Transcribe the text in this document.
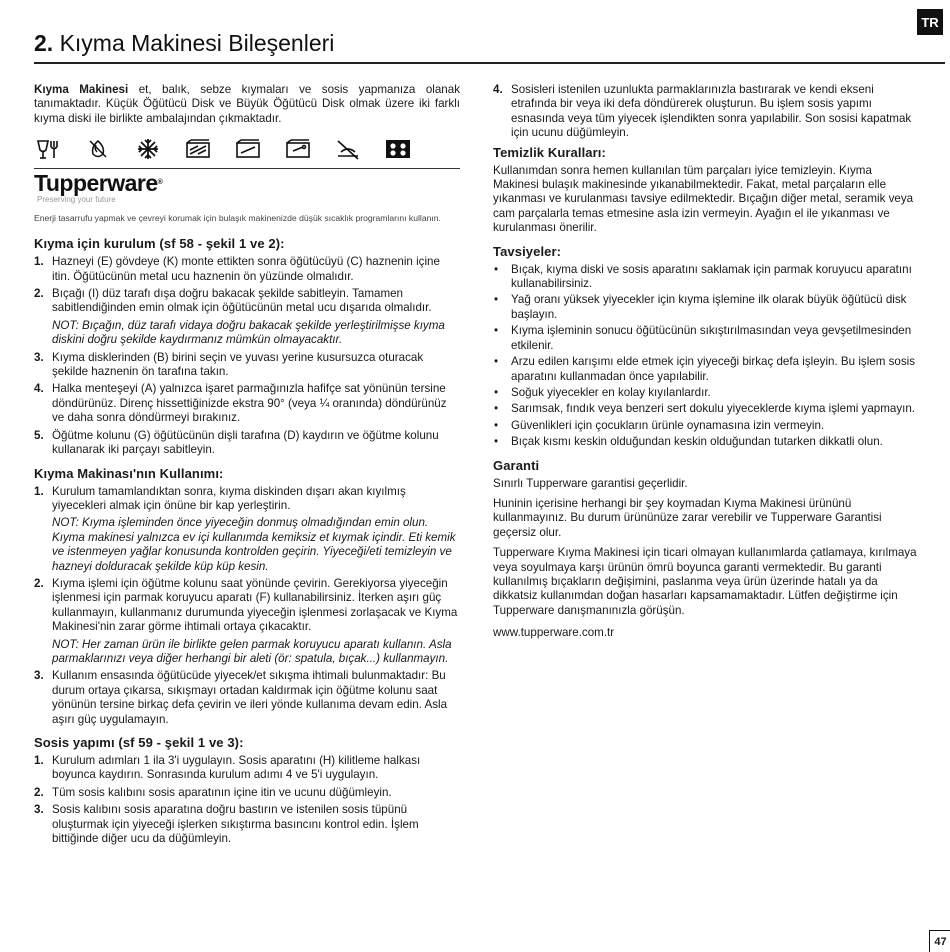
TR
2. Kıyma Makinesi Bileşenleri

Kıyma Makinesi et, balık, sebze kıymaları ve sosis yapmanıza olanak tanımaktadır. Küçük Öğütücü Disk ve Büyük Öğütücü Disk olmak üzere iki farklı kıyma diski ile birlikte ambalajından çıkmaktadır.

Tupperware®
Preserving your future
Enerji tasarrufu yapmak ve çevreyi korumak için bulaşık makinenizde düşük sıcaklık programlarını kullanın.
Kıyma için kurulum (sf 58 - şekil 1 ve 2):
1. Hazneyi (E) gövdeye (K) monte ettikten sonra öğütücüyü (C) haznenin içine itin. Öğütücünün metal ucu haznenin ön yüzünde olmalıdır.
2. Bıçağı (I) düz tarafı dışa doğru bakacak şekilde sabitleyin. Tamamen sabitlendiğinden emin olmak için öğütücünün metal ucu dışarıda olmalıdır.
NOT: Bıçağın, düz tarafı vidaya doğru bakacak şekilde yerleştirilmişse kıyma diskini doğru şekilde kaydırmanız mümkün olmayacaktır.
3. Kıyma disklerinden (B) birini seçin ve yuvası yerine kusursuzca oturacak şekilde haznenin ön tarafına takın.
4. Halka menteşeyi (A) yalnızca işaret parmağınızla hafifçe sat yönünün tersine döndürünüz. Direnç hissettiğinizde ekstra 90° (veya ¼ oranında) döndürünüz ve daha sonra döndürmeyi bırakınız.
5. Öğütme kolunu (G) öğütücünün dişli tarafına (D) kaydırın ve öğütme kolunu kullanarak iki parçayı sabitleyin.
Kıyma Makinası'nın Kullanımı:
1. Kurulum tamamlandıktan sonra, kıyma diskinden dışarı akan kıyılmış yiyecekleri almak için önüne bir kap yerleştirin.
NOT: Kıyma işleminden önce yiyeceğin donmuş olmadığından emin olun. Kıyma makinesi yalnızca ev içi kullanımda kemiksiz et kıymak içindir. Eti kemik ve istenmeyen yağlar konusunda kontrolden geçirin. Yiyeceği/eti temizleyin ve hazneyi dolduracak şekilde küp küp kesin.
2. Kıyma işlemi için öğütme kolunu saat yönünde çevirin. Gerekiyorsa yiyeceğin işlenmesi için parmak koruyucu aparatı (F) kullanabilirsiniz. İterken aşırı güç kullanmayın, kullanmanız durumunda yiyeceğin işlenmesi zorlaşacak ve Kıyma Makinesi'nin zarar görme ihtimali ortaya çıkacaktır.
NOT: Her zaman ürün ile birlikte gelen parmak koruyucu aparatı kullanın. Asla parmaklarınızı veya diğer herhangi bir aleti (ör: spatula, bıçak...) kullanmayın.
3. Kullanım ensasında öğütücüde yiyecek/et sıkışma ihtimali bulunmaktadır: Bu durum ortaya çıkarsa, sıkışmayı ortadan kaldırmak için öğütme kolunu saat yönünün tersine birkaç defa çevirin ve ileri yönde kullanıma devam edin. Asla aşırı güç uygulamayın.
Sosis yapımı (sf 59 - şekil 1 ve 3):
1. Kurulum adımları 1 ila 3'i uygulayın. Sosis aparatını (H) kilitleme halkası boyunca kaydırın. Sonrasında kurulum adımı 4 ve 5'i uygulayın.
2. Tüm sosis kalıbını sosis aparatının içine itin ve ucunu düğümleyin.
3. Sosis kalıbını sosis aparatına doğru bastırın ve istenilen sosis tüpünü oluşturmak için yiyeceği işlerken sıkıştırma basıncını kontrol edin. İşlem bittiğinde diğer ucu da düğümleyin.
4. Sosisleri istenilen uzunlukta parmaklarınızla bastırarak ve kendi ekseni etrafında bir veya iki defa döndürerek oluşturun. Bu işlem sosis yapımı esnasında veya tüm yiyecek işlendikten sonra yapılabilir. Son sosisi kapatmak için ucunu düğümleyin.
Temizlik Kuralları:

Kullanımdan sonra hemen kullanılan tüm parçaları iyice temizleyin. Kıyma Makinesi bulaşık makinesinde yıkanabilmektedir. Fakat, metal parçaların elle yıkanması ve kurulanması tavsiye edilmektedir. Bıçağın diğer metal, seramik veya cam parçalarla temas etmesine asla izin vermeyin. Ayağın el ile yıkanması ve kurulanması önerilir.

Tavsiyeler:
• Bıçak, kıyma diski ve sosis aparatını saklamak için parmak koruyucu aparatını kullanabilirsiniz.
• Yağ oranı yüksek yiyecekler için kıyma işlemine ilk olarak büyük öğütücü disk başlayın.
• Kıyma işleminin sonucu öğütücünün sıkıştırılmasından veya gevşetilmesinden etkilenir.
• Arzu edilen karışımı elde etmek için yiyeceği birkaç defa işleyin. Bu işlem sosis aparatını kullanmadan önce yapılabilir.
• Soğuk yiyecekler en kolay kıyılanlardır.
• Sarımsak, fındık veya benzeri sert dokulu yiyeceklerde kıyma işlemi yapmayın.
• Güvenlikleri için çocukların ürünle oynamasına izin vermeyin.
• Bıçak kısmı keskin olduğundan keskin olduğundan tutarken dikkatli olun.
Garanti

Sınırlı Tupperware garantisi geçerlidir.

Huninin içerisine herhangi bir şey koymadan Kıyma Makinesi ürününü kullanmayınız. Bu durum ürününüze zarar verebilir ve Tupperware Garantisi geçersiz olur.

Tupperware Kıyma Makinesi için ticari olmayan kullanımlarda çatlamaya, kırılmaya veya soyulmaya karşı ürünün ömrü boyunca garanti vermektedir. Bu garanti kullanılmış bıçakların değişimini, paslanma veya ürün üzerinde hatalı ya da dikkatsiz kullanımdan doğan hasarları kapsamamaktadır. Lütfen değiştirme için Tupperware danışmanınızla görüşün.

www.tupperware.com.tr

47
